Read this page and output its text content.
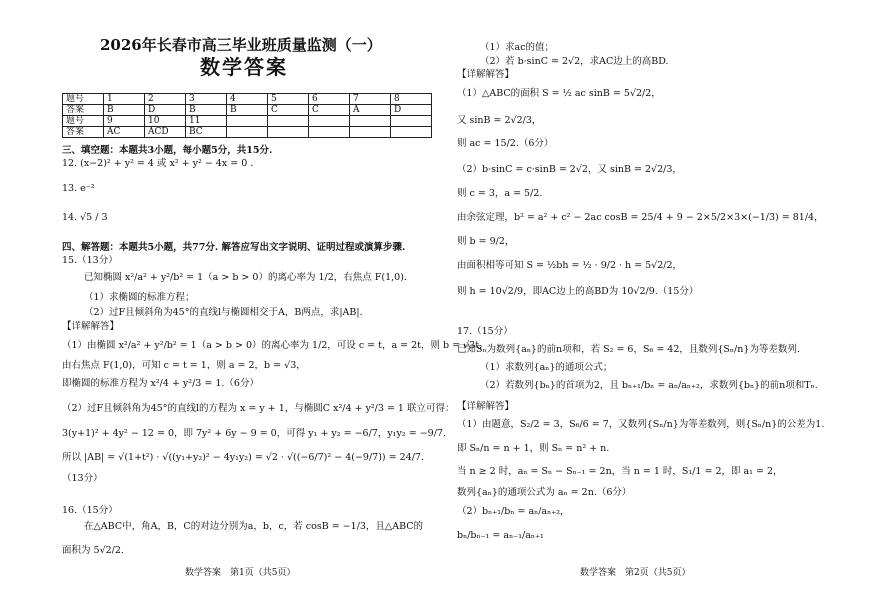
2026年长春市高三毕业班质量监测（一）
数学答案
题号	1	2	3	4	5	6	7	8
答案	B	D	B	B	C	C	A	D
题号	9	10	11					
答案	AC	ACD	BC					
三、填空题：本题共3小题，每小题5分，共15分.
12. (x−2)² + y² = 4 或 x² + y² − 4x = 0 .
13. e⁻²
14. √5 / 3
四、解答题：本题共5小题，共77分. 解答应写出文字说明、证明过程或演算步骤.
15.（13分）
已知椭圆 x²/a² + y²/b² = 1（a > b > 0）的离心率为 1/2，右焦点 F(1,0).
（1）求椭圆的标准方程；
（2）过F且倾斜角为45°的直线l与椭圆相交于A，B两点，求|AB|.
【详解解答】
（1）由椭圆 x²/a² + y²/b² = 1（a > b > 0）的离心率为 1/2，可设 c = t，a = 2t，则 b = √3t，
由右焦点 F(1,0)，可知 c = t = 1，则 a = 2，b = √3，
即椭圆的标准方程为 x²/4 + y²/3 = 1.（6分）
（2）过F且倾斜角为45°的直线l的方程为 x = y + 1，与椭圆C x²/4 + y²/3 = 1 联立可得：
3(y+1)² + 4y² − 12 = 0，即 7y² + 6y − 9 = 0，可得 y₁ + y₂ = −6/7，y₁y₂ = −9/7.
所以 |AB| = √(1+t²) · √((y₁+y₂)² − 4y₁y₂) = √2 · √((−6/7)² − 4(−9/7)) = 24/7.
（13分）
16.（15分）
在△ABC中，角A，B，C的对边分别为a，b，c，若 cosB = −1/3，且△ABC的
面积为 5√2/2.
数学答案　第1页（共5页）
（1）求ac的值；
（2）若 b·sinC = 2√2，求AC边上的高BD.
【详解解答】
（1）△ABC的面积 S = ½ ac sinB = 5√2/2，
又 sinB = 2√2/3，
则 ac = 15/2.（6分）
（2）b·sinC = c·sinB = 2√2，又 sinB = 2√2/3，
则 c = 3，a = 5/2.
由余弦定理，b² = a² + c² − 2ac cosB = 25/4 + 9 − 2×5/2×3×(−1/3) = 81/4，
则 b = 9/2，
由面积相等可知 S = ½bh = ½ · 9/2 · h = 5√2/2，
则 h = 10√2/9，即AC边上的高BD为 10√2/9.（15分）
17.（15分）
已知Sₙ为数列{aₙ}的前n项和，若 S₂ = 6，S₆ = 42，且数列{Sₙ/n}为等差数列.
（1）求数列{aₙ}的通项公式；
（2）若数列{bₙ}的首项为2，且 bₙ₊₁/bₙ = aₙ/aₙ₊₂，求数列{bₙ}的前n项和Tₙ.
【详解解答】
（1）由题意，S₂/2 = 3，S₆/6 = 7，又数列{Sₙ/n}为等差数列，则{Sₙ/n}的公差为1.
即 Sₙ/n = n + 1，则 Sₙ = n² + n.
当 n ≥ 2 时，aₙ = Sₙ − Sₙ₋₁ = 2n，当 n = 1 时，S₁/1 = 2，即 a₁ = 2，
数列{aₙ}的通项公式为 aₙ = 2n.（6分）
（2）bₙ₊₁/bₙ = aₙ/aₙ₊₂，
bₙ/bₙ₋₁ = aₙ₋₁/aₙ₊₁
数学答案　第2页（共5页）
